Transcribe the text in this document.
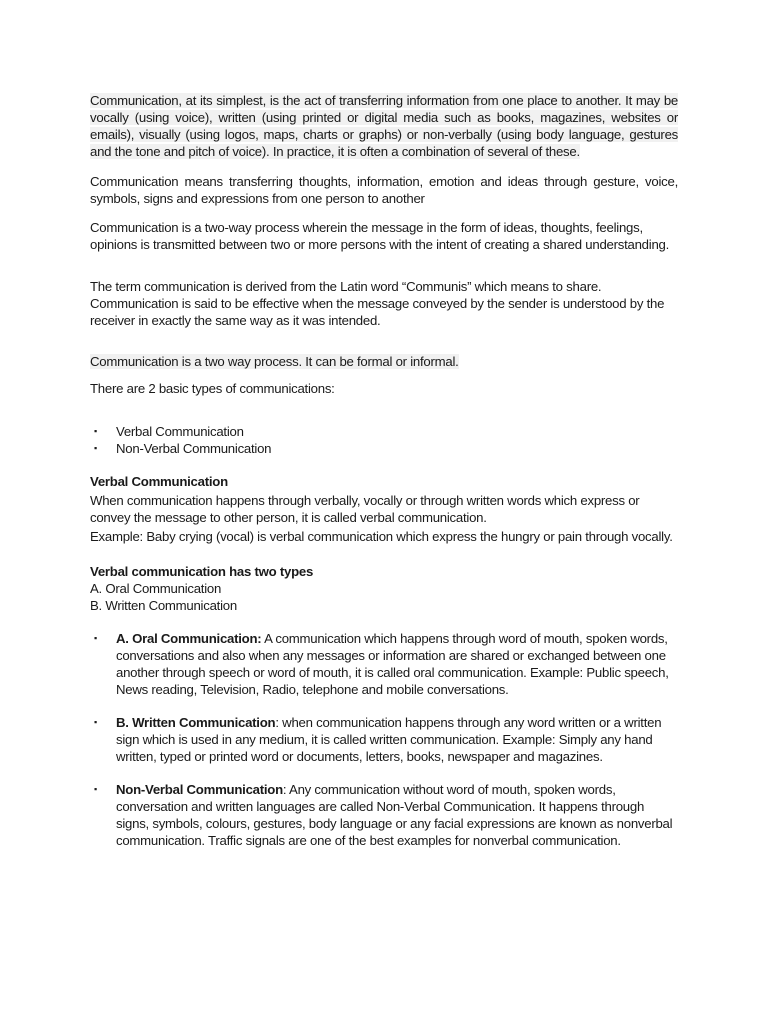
Communication, at its simplest, is the act of transferring information from one place to another. It may be vocally (using voice), written (using printed or digital media such as books, magazines, websites or emails), visually (using logos, maps, charts or graphs) or non-verbally (using body language, gestures and the tone and pitch of voice). In practice, it is often a combination of several of these.

Communication means transferring thoughts, information, emotion and ideas through gesture, voice, symbols, signs and expressions from one person to another

Communication is a two-way process wherein the message in the form of ideas, thoughts, feelings, opinions is transmitted between two or more persons with the intent of creating a shared understanding.

The term communication is derived from the Latin word “Communis” which means to share. Communication is said to be effective when the message conveyed by the sender is understood by the receiver in exactly the same way as it was intended.

Communication is a two way process. It can be formal or informal.

There are 2 basic types of communications:

▪ Verbal Communication
▪ Non-Verbal Communication

Verbal Communication

When communication happens through verbally, vocally or through written words which express or convey the message to other person, it is called verbal communication.

Example: Baby crying (vocal) is verbal communication which express the hungry or pain through vocally.

Verbal communication has two types

A. Oral Communication

B. Written Communication

▪ A. Oral Communication: A communication which happens through word of mouth, spoken words, conversations and also when any messages or information are shared or exchanged between one another through speech or word of mouth, it is called oral communication. Example: Public speech, News reading, Television, Radio, telephone and mobile conversations.
▪ B. Written Communication: when communication happens through any word written or a written sign which is used in any medium, it is called written communication. Example: Simply any hand written, typed or printed word or documents, letters, books, newspaper and magazines.
▪ Non-Verbal Communication: Any communication without word of mouth, spoken words, conversation and written languages are called Non-Verbal Communication. It happens through signs, symbols, colours, gestures, body language or any facial expressions are known as nonverbal communication. Traffic signals are one of the best examples for nonverbal communication.
